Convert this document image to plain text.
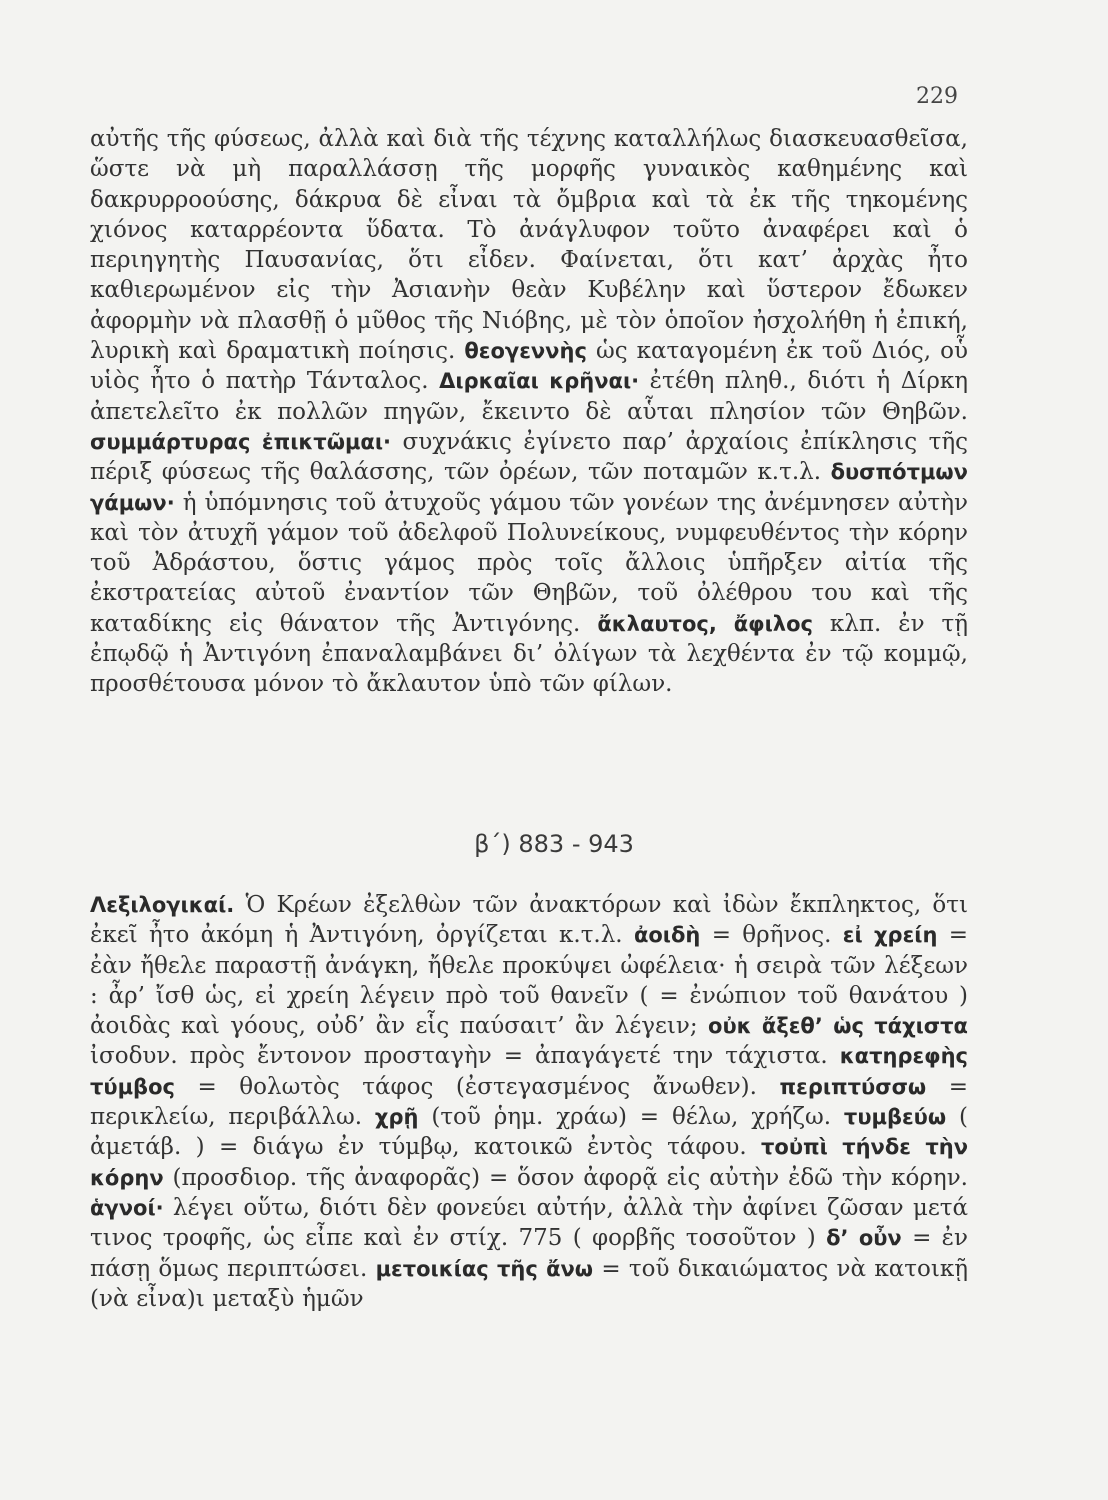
229

αὐτῆς τῆς φύσεως, ἀλλὰ καὶ διὰ τῆς τέχνης καταλλήλως διασκευασθεῖσα, ὥστε νὰ μὴ παραλλάσσῃ τῆς μορφῆς γυναικὸς καθημένης καὶ δακρυρροούσης, δάκρυα δὲ εἶναι τὰ ὄμβρια καὶ τὰ ἐκ τῆς τηκομένης χιόνος καταρρέοντα ὕδατα. Τὸ ἀνάγλυφον τοῦτο ἀναφέρει καὶ ὁ περιηγητὴς Παυσανίας, ὅτι εἶδεν. Φαίνεται, ὅτι κατ’ ἀρχὰς ἦτο καθιερωμένον εἰς τὴν Ἀσιανὴν θεὰν Κυβέλην καὶ ὕστερον ἔδωκεν ἀφορμὴν νὰ πλασθῇ ὁ μῦθος τῆς Νιόβης, μὲ τὸν ὁποῖον ἠσχολήθη ἡ ἐπική, λυρικὴ καὶ δραματικὴ ποίησις. θεογεννὴς ὡς καταγομένη ἐκ τοῦ Διός, οὗ υἱὸς ἦτο ὁ πατὴρ Τάνταλος. Διρκαῖαι κρῆναι· ἐτέθη πληθ., διότι ἡ Δίρκη ἀπετελεῖτο ἐκ πολλῶν πηγῶν, ἔκειντο δὲ αὗται πλησίον τῶν Θηβῶν. συμμάρτυρας ἐπικτῶμαι· συχνάκις ἐγίνετο παρ’ ἀρχαίοις ἐπίκλησις τῆς πέριξ φύσεως τῆς θαλάσσης, τῶν ὀρέων, τῶν ποταμῶν κ.τ.λ. δυσπότμων γάμων· ἡ ὑπόμνησις τοῦ ἀτυχοῦς γάμου τῶν γονέων της ἀνέμνησεν αὐτὴν καὶ τὸν ἀτυχῆ γάμον τοῦ ἀδελφοῦ Πολυνείκους, νυμφευθέντος τὴν κόρην τοῦ Ἀδράστου, ὅστις γάμος πρὸς τοῖς ἄλλοις ὑπῆρξεν αἰτία τῆς ἐκστρατείας αὐτοῦ ἐναντίον τῶν Θηβῶν, τοῦ ὀλέθρου του καὶ τῆς καταδίκης εἰς θάνατον τῆς Ἀντιγόνης. ἄκλαυτος, ἄφιλος κλπ. ἐν τῇ ἐπῳδῷ ἡ Ἀντιγόνη ἐπαναλαμβάνει δι’ ὀλίγων τὰ λεχθέντα ἐν τῷ κομμῷ, προσθέτουσα μόνον τὸ ἄκλαυτον ὑπὸ τῶν φίλων.

β΄) 883 - 943

Λεξιλογικαί. Ὁ Κρέων ἐξελθὼν τῶν ἀνακτόρων καὶ ἰδὼν ἔκπληκτος, ὅτι ἐκεῖ ἦτο ἀκόμη ἡ Ἀντιγόνη, ὀργίζεται κ.τ.λ. ἀοιδὴ = θρῆνος. εἰ χρείη = ἐὰν ἤθελε παραστῇ ἀνάγκη, ἤθελε προκύψει ὠφέλεια· ἡ σειρὰ τῶν λέξεων : ἆρ’ ἴσθ ὡς, εἰ χρείη λέγειν πρὸ τοῦ θανεῖν ( = ἐνώπιον τοῦ θανάτου ) ἀοιδὰς καὶ γόους, οὐδ’ ἂν εἷς παύσαιτ’ ἂν λέγειν; οὐκ ἄξεθ’ ὡς τάχιστα ἰσοδυν. πρὸς ἔντονον προσταγὴν = ἀπαγάγετέ την τάχιστα. κατηρεφὴς τύμβος = θολωτὸς τάφος (ἐστεγασμένος ἄνωθεν). περιπτύσσω = περικλείω, περιβάλλω. χρῇ (τοῦ ῥημ. χράω) = θέλω, χρήζω. τυμβεύω ( ἀμετάβ. ) = διάγω ἐν τύμβῳ, κατοικῶ ἐντὸς τάφου. τοὐπὶ τήνδε τὴν κόρην (προσδιορ. τῆς ἀναφορᾶς) = ὅσον ἀφορᾷ εἰς αὐτὴν ἐδῶ τὴν κόρην. ἁγνοί· λέγει οὕτω, διότι δὲν φονεύει αὐτήν, ἀλλὰ τὴν ἀφίνει ζῶσαν μετά τινος τροφῆς, ὡς εἶπε καὶ ἐν στίχ. 775 ( φορβῆς τοσοῦτον ) δ’ οὖν = ἐν πάσῃ ὅμως περιπτώσει. μετοικίας τῆς ἄνω = τοῦ δικαιώματος νὰ κατοικῇ (νὰ εἶνα)ι μεταξὺ ἡμῶν
